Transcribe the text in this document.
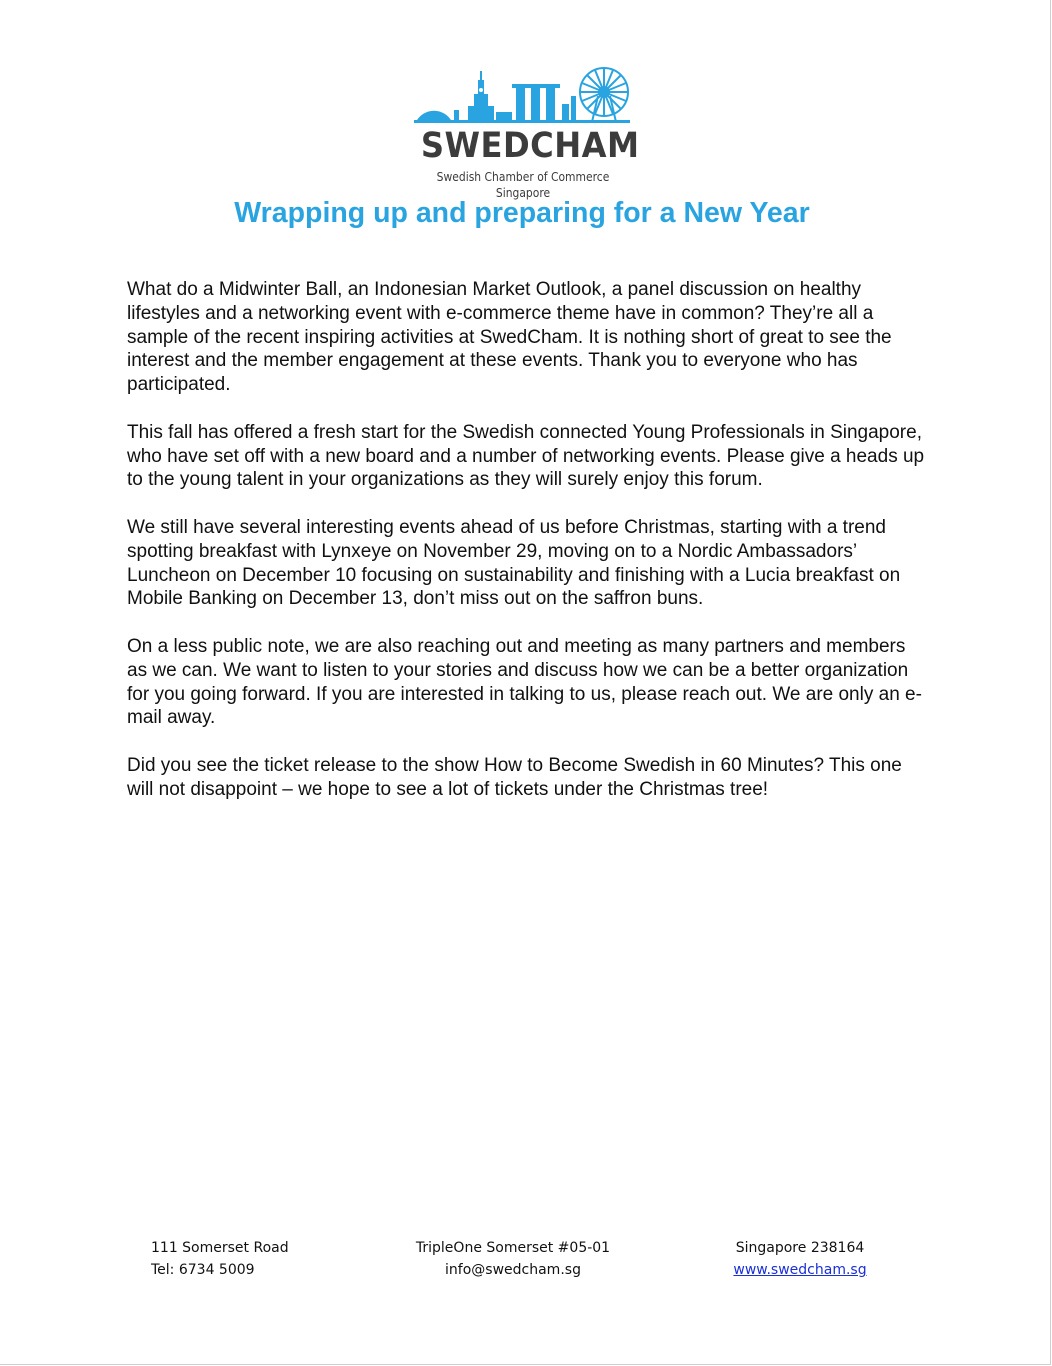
SWEDCHAM
Swedish Chamber of Commerce Singapore
Wrapping up and preparing for a New Year

What do a Midwinter Ball, an Indonesian Market Outlook, a panel discussion on healthy lifestyles and a networking event with e-commerce theme have in common? They’re all a sample of the recent inspiring activities at SwedCham. It is nothing short of great to see the interest and the member engagement at these events. Thank you to everyone who has participated.

This fall has offered a fresh start for the Swedish connected Young Professionals in Singapore, who have set off with a new board and a number of networking events. Please give a heads up to the young talent in your organizations as they will surely enjoy this forum.

We still have several interesting events ahead of us before Christmas, starting with a trend spotting breakfast with Lynxeye on November 29, moving on to a Nordic Ambassadors’ Luncheon on December 10 focusing on sustainability and finishing with a Lucia breakfast on Mobile Banking on December 13, don’t miss out on the saffron buns.

On a less public note, we are also reaching out and meeting as many partners and members as we can. We want to listen to your stories and discuss how we can be a better organization for you going forward. If you are interested in talking to us, please reach out. We are only an e-mail away.

Did you see the ticket release to the show How to Become Swedish in 60 Minutes? This one will not disappoint – we hope to see a lot of tickets under the Christmas tree!

111 Somerset Road
Tel: 6734 5009
TripleOne Somerset #05-01
info@swedcham.sg
Singapore 238164
www.swedcham.sg
